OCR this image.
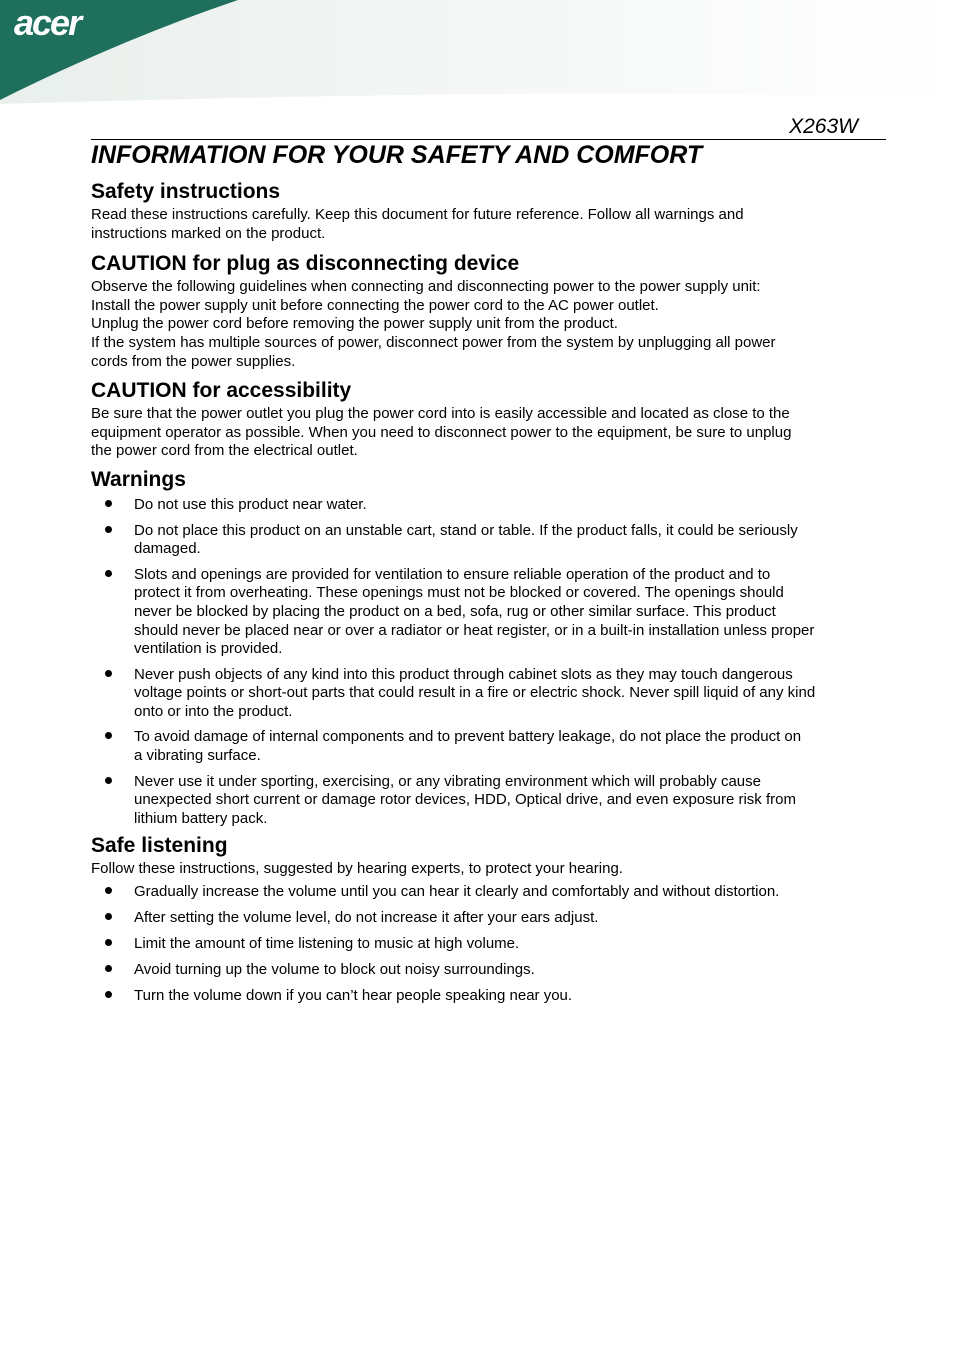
acer
X263W
INFORMATION FOR YOUR SAFETY AND COMFORT
Safety instructions

Read these instructions carefully. Keep this document for future reference. Follow all warnings and

instructions marked on the product.

CAUTION for plug as disconnecting device

Observe the following guidelines when connecting and disconnecting power to the power supply unit:

Install the power supply unit before connecting the power cord to the AC power outlet.

Unplug the power cord before removing the power supply unit from the product.

If the system has multiple sources of power, disconnect power from the system by unplugging all power

cords from the power supplies.

CAUTION for accessibility

Be sure that the power outlet you plug the power cord into is easily accessible and located as close to the

equipment operator as possible. When you need to disconnect power to the equipment, be sure to unplug

the power cord from the electrical outlet.

Warnings

Do not use this product near water.

Do not place this product on an unstable cart, stand or table. If the product falls, it could be seriously

damaged.

Slots and openings are provided for ventilation to ensure reliable operation of the product and to

protect it from overheating. These openings must not be blocked or covered. The openings should

never be blocked by placing the product on a bed, sofa, rug or other similar surface. This product

should never be placed near or over a radiator or heat register, or in a built-in installation unless proper

ventilation is provided.

Never push objects of any kind into this product through cabinet slots as they may touch dangerous

voltage points or short-out parts that could result in a fire or electric shock. Never spill liquid of any kind

onto or into the product.

To avoid damage of internal components and to prevent battery leakage, do not place the product on

a vibrating surface.

Never use it under sporting, exercising, or any vibrating environment which will probably cause

unexpected short current or damage rotor devices, HDD, Optical drive, and even exposure risk from

lithium battery pack.

Safe listening

Follow these instructions, suggested by hearing experts, to protect your hearing.

Gradually increase the volume until you can hear it clearly and comfortably and without distortion.

After setting the volume level, do not increase it after your ears adjust.

Limit the amount of time listening to music at high volume.

Avoid turning up the volume to block out noisy surroundings.

Turn the volume down if you can’t hear people speaking near you.
